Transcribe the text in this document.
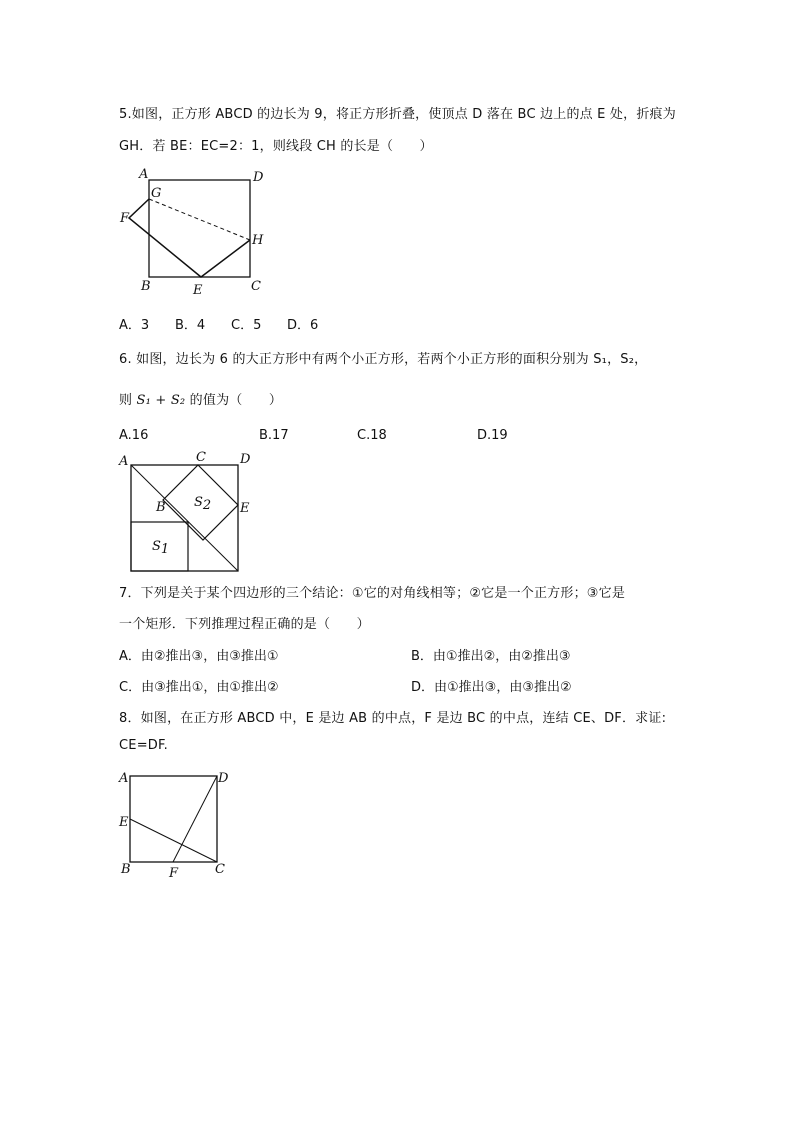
5.如图，正方形 ABCD 的边长为 9，将正方形折叠，使顶点 D 落在 BC 边上的点 E 处，折痕为
GH．若 BE：EC=2：1，则线段 CH 的长是（　　）
A
G
D
F
H
B	E	C
A．3 B．4 C．5 D．6
6. 如图，边长为 6 的大正方形中有两个小正方形，若两个小正方形的面积分别为 S₁，S₂，
则 S₁ + S₂ 的值为（　　）
A.16	B.17	C.18	D.19
A	C	D
B	E
S2
S1
7．下列是关于某个四边形的三个结论：①它的对角线相等；②它是一个正方形；③它是
一个矩形．下列推理过程正确的是（　　）
A．由②推出③，由③推出①	B．由①推出②，由②推出③
C．由③推出①，由①推出②	D．由①推出③，由③推出②
8．如图，在正方形 ABCD 中，E 是边 AB 的中点，F 是边 BC 的中点，连结 CE、DF．求证:
CE=DF.
A	D
E
B	F	C
